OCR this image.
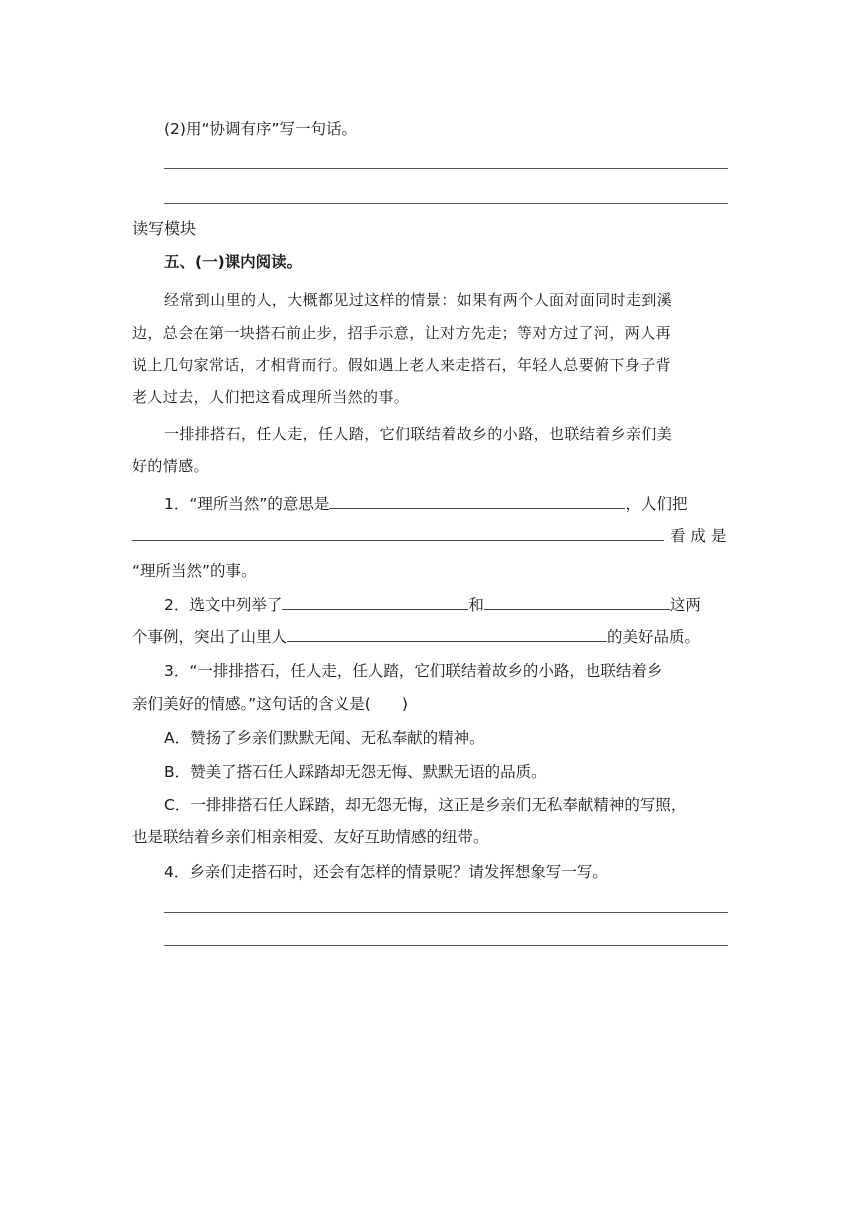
(2)用“协调有序”写一句话。
读写模块
五、(一)课内阅读。
经常到山里的人，大概都见过这样的情景：如果有两个人面对面同时走到溪
边，总会在第一块搭石前止步，招手示意，让对方先走；等对方过了河，两人再
说上几句家常话，才相背而行。假如遇上老人来走搭石，年轻人总要俯下身子背
老人过去，人们把这看成理所当然的事。
一排排搭石，任人走，任人踏，它们联结着故乡的小路，也联结着乡亲们美
好的情感。
1．“理所当然”的意思是	，人们把
看 成 是
“理所当然”的事。
2．选文中列举了	和	这两
个事例，突出了山里人	的美好品质。
3．“一排排搭石，任人走，任人踏，它们联结着故乡的小路，也联结着乡
亲们美好的情感。”这句话的含义是(　　)
A．赞扬了乡亲们默默无闻、无私奉献的精神。
B．赞美了搭石任人踩踏却无怨无悔、默默无语的品质。
C．一排排搭石任人踩踏，却无怨无悔，这正是乡亲们无私奉献精神的写照，
也是联结着乡亲们相亲相爱、友好互助情感的纽带。
4．乡亲们走搭石时，还会有怎样的情景呢？请发挥想象写一写。
